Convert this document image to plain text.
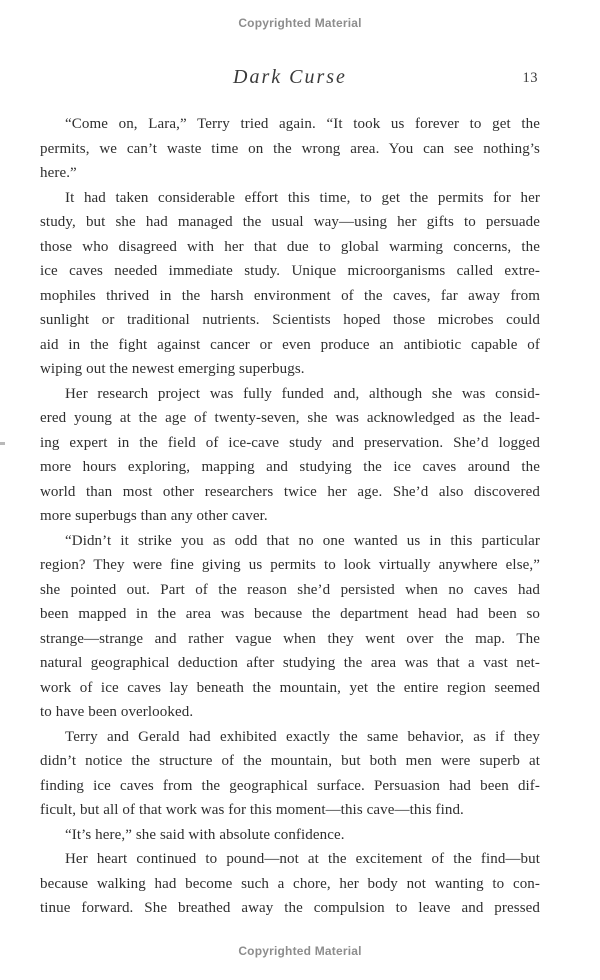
Copyrighted Material
Dark Curse	13
“Come on, Lara,” Terry tried again. “It took us forever to get the
permits, we can’t waste time on the wrong area. You can see nothing’s
here.”
It had taken considerable effort this time, to get the permits for her
study, but she had managed the usual way—using her gifts to persuade
those who disagreed with her that due to global warming concerns, the
ice caves needed immediate study. Unique microorganisms called extre-
mophiles thrived in the harsh environment of the caves, far away from
sunlight or traditional nutrients. Scientists hoped those microbes could
aid in the fight against cancer or even produce an antibiotic capable of
wiping out the newest emerging superbugs.
Her research project was fully funded and, although she was consid-
ered young at the age of twenty-seven, she was acknowledged as the lead-
ing expert in the field of ice-cave study and preservation. She’d logged
more hours exploring, mapping and studying the ice caves around the
world than most other researchers twice her age. She’d also discovered
more superbugs than any other caver.
“Didn’t it strike you as odd that no one wanted us in this particular
region? They were fine giving us permits to look virtually anywhere else,”
she pointed out. Part of the reason she’d persisted when no caves had
been mapped in the area was because the department head had been so
strange—strange and rather vague when they went over the map. The
natural geographical deduction after studying the area was that a vast net-
work of ice caves lay beneath the mountain, yet the entire region seemed
to have been overlooked.
Terry and Gerald had exhibited exactly the same behavior, as if they
didn’t notice the structure of the mountain, but both men were superb at
finding ice caves from the geographical surface. Persuasion had been dif-
ficult, but all of that work was for this moment—this cave—this find.
“It’s here,” she said with absolute confidence.
Her heart continued to pound—not at the excitement of the find—but
because walking had become such a chore, her body not wanting to con-
tinue forward. She breathed away the compulsion to leave and pressed
Copyrighted Material
